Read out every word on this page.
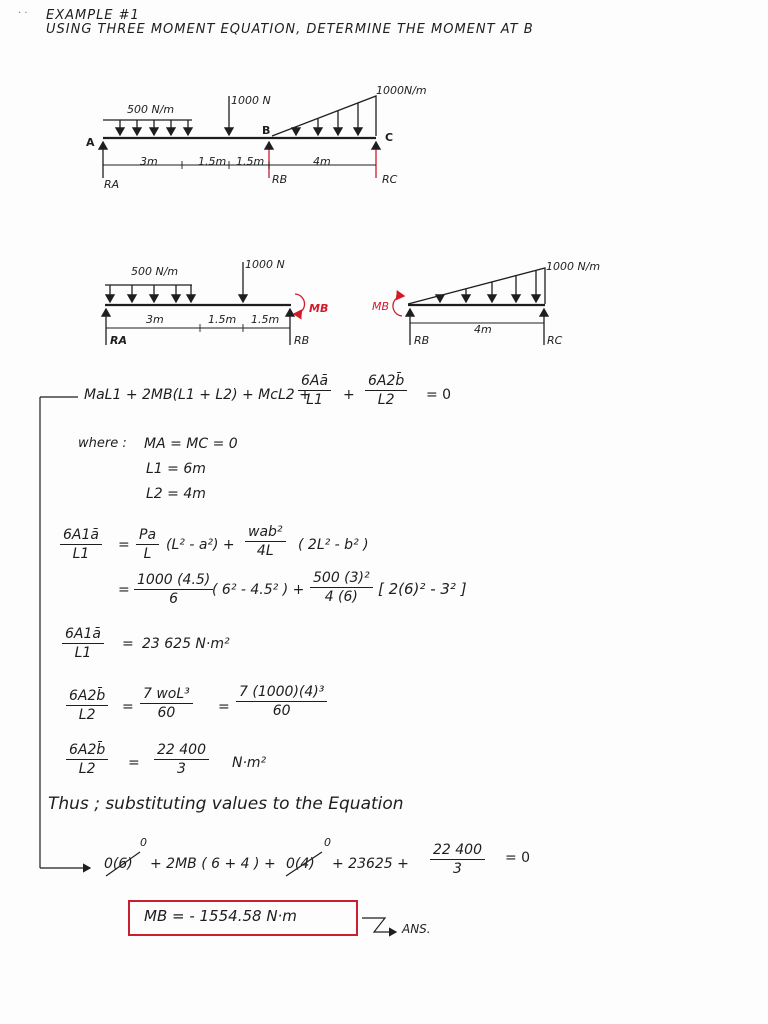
· · EXAMPLE #1
USING THREE MOMENT EQUATION, DETERMINE THE MOMENT AT B
500 N/m
1000 N
1000N/m
A
B
C
3m	1.5m 1.5m	4m
RA	RB	RC
500 N/m
1000 N
MB
3m	1.5m 1.5m
RA	RB
1000 N/m
MB
4m
RB	RC
MaL1 + 2MB(L1 + L2) + McL2 +
$\frac{6Aā}{L1} + \frac{6A2b̄}{L2} = 0$
where : MA = MC = 0
L1 = 6m
L2 = 4m
$\frac{6A1ā}{L1} = \frac{Pa}{L} (L^2 - a^2)$ +
wab²
4L	( 2L² - b² )
= $\frac{1000 (4.5)}{6}$
( 6² - 4.5² ) + $\frac{\text{500 (3)²}}{4 (6)}$ [ 2(6)² - 3² ]
$\frac{6A1ā}{L1} = 23$ 625 N·m²
$\frac{6A2b̄}{L2}$ =
7 woL³
60	= $\frac{\text{7 (1000)(4)³}}{60}$
$\frac{6A2b̄}{L2} = \frac{22 400}{3} N\cdot m^2$
Thus ; substituting values to the Equation
0(6)
0
+ 2MB ( 6 + 4 ) + 0(4)
0
+ $23625 + \frac{22 400}{3} = 0$
MB = - 1554.58 N·m
ANS.
